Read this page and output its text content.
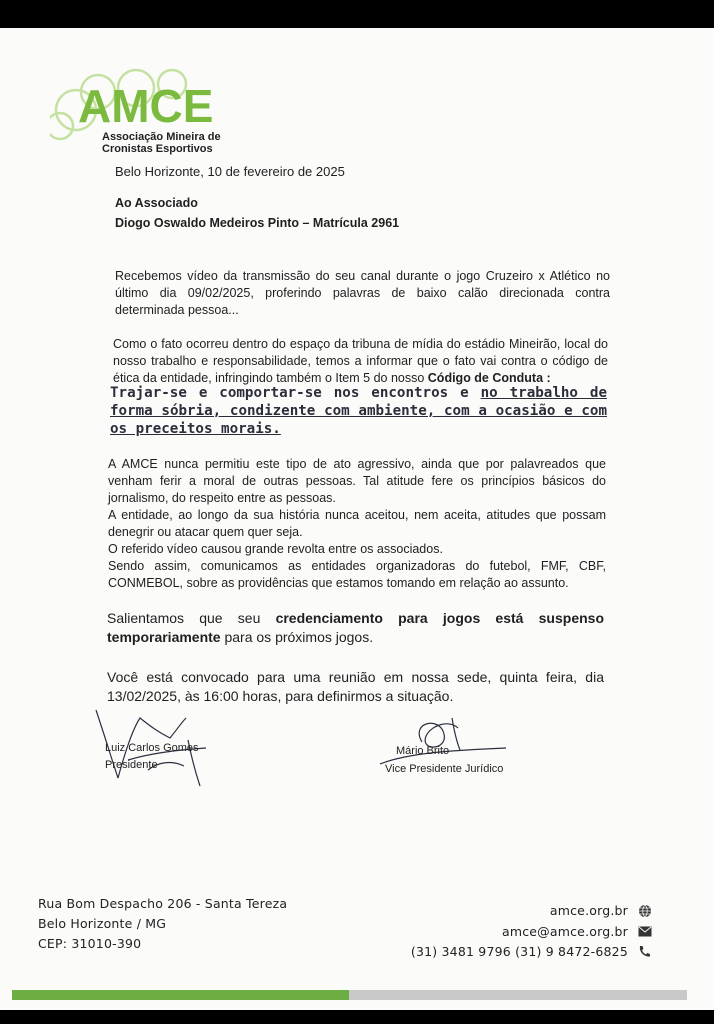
AMCE
Associação Mineira de
Cronistas Esportivos

Belo Horizonte, 10 de fevereiro de 2025

Ao Associado

Diogo Oswaldo Medeiros Pinto – Matrícula 2961

Recebemos vídeo da transmissão do seu canal durante o jogo Cruzeiro x Atlético no último dia 09/02/2025, proferindo palavras de baixo calão direcionada contra determinada pessoa...

Como o fato ocorreu dentro do espaço da tribuna de mídia do estádio Mineirão, local do nosso trabalho e responsabilidade, temos a informar que o fato vai contra o código de ética da entidade, infringindo também o Item 5 do nosso Código de Conduta :

Trajar-se e comportar-se nos encontros e no trabalho de forma sóbria, condizente com ambiente, com a ocasião e com os preceitos morais.

A AMCE nunca permitiu este tipo de ato agressivo, ainda que por palavreados que venham ferir a moral de outras pessoas. Tal atitude fere os princípios básicos do jornalismo, do respeito entre as pessoas.
A entidade, ao longo da sua história nunca aceitou, nem aceita, atitudes que possam denegrir ou atacar quem quer seja.
O referido vídeo causou grande revolta entre os associados.
Sendo assim, comunicamos as entidades organizadoras do futebol, FMF, CBF, CONMEBOL, sobre as providências que estamos tomando em relação ao assunto.

Salientamos que seu credenciamento para jogos está suspenso temporariamente para os próximos jogos.

Você está convocado para uma reunião em nossa sede, quinta feira, dia 13/02/2025, às 16:00 horas, para definirmos a situação.

Luiz Carlos Gomes

Presidente

Mário Brito

Vice Presidente Jurídico

Rua Bom Despacho 206 - Santa Tereza
Belo Horizonte / MG
CEP: 31010-390
amce.org.br
amce@amce.org.br
(31) 3481 9796 (31) 9 8472-6825
